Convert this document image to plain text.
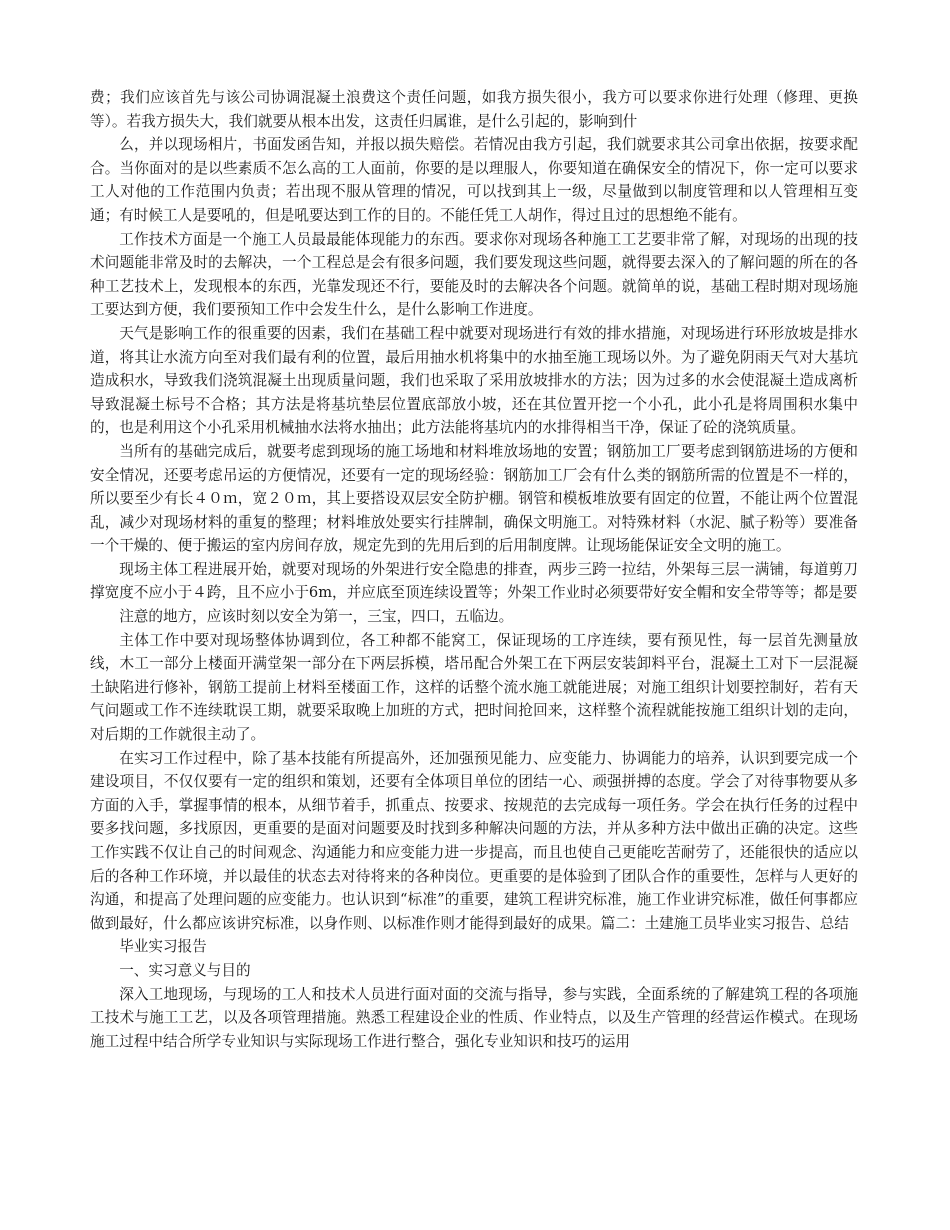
费；我们应该首先与该公司协调混凝土浪费这个责任问题，如我方损失很小，我方可以要求你进行处理（修理、更换等）。若我方损失大，我们就要从根本出发，这责任归属谁，是什么引起的，影响到什

么，并以现场相片，书面发函告知，并报以损失赔偿。若情况由我方引起，我们就要求其公司拿出依据，按要求配合。当你面对的是以些素质不怎么高的工人面前，你要的是以理服人，你要知道在确保安全的情况下，你一定可以要求工人对他的工作范围内负责；若出现不服从管理的情况，可以找到其上一级，尽量做到以制度管理和以人管理相互变通；有时候工人是要吼的，但是吼要达到工作的目的。不能任凭工人胡作，得过且过的思想绝不能有。

工作技术方面是一个施工人员最最能体现能力的东西。要求你对现场各种施工工艺要非常了解，对现场的出现的技术问题能非常及时的去解决，一个工程总是会有很多问题，我们要发现这些问题，就得要去深入的了解问题的所在的各种工艺技术上，发现根本的东西，光靠发现还不行，要能及时的去解决各个问题。就简单的说，基础工程时期对现场施工要达到方便，我们要预知工作中会发生什么，是什么影响工作进度。

天气是影响工作的很重要的因素，我们在基础工程中就要对现场进行有效的排水措施，对现场进行环形放坡是排水道，将其让水流方向至对我们最有利的位置，最后用抽水机将集中的水抽至施工现场以外。为了避免阴雨天气对大基坑造成积水，导致我们浇筑混凝土出现质量问题，我们也采取了采用放坡排水的方法；因为过多的水会使混凝土造成离析导致混凝土标号不合格；其方法是将基坑垫层位置底部放小坡，还在其位置开挖一个小孔，此小孔是将周围积水集中的，也是利用这个小孔采用机械抽水法将水抽出；此方法能将基坑内的水排得相当干净，保证了砼的浇筑质量。

当所有的基础完成后，就要考虑到现场的施工场地和材料堆放场地的安置；钢筋加工厂要考虑到钢筋进场的方便和安全情况，还要考虑吊运的方便情况，还要有一定的现场经验：钢筋加工厂会有什么类的钢筋所需的位置是不一样的，所以要至少有长４０ｍ，宽２０ｍ，其上要搭设双层安全防护棚。钢管和模板堆放要有固定的位置，不能让两个位置混乱，减少对现场材料的重复的整理；材料堆放处要实行挂牌制，确保文明施工。对特殊材料（水泥、腻子粉等）要准备一个干燥的、便于搬运的室内房间存放，规定先到的先用后到的后用制度牌。让现场能保证安全文明的施工。

现场主体工程进展开始，就要对现场的外架进行安全隐患的排查，两步三跨一拉结，外架每三层一满铺，每道剪刀撑宽度不应小于４跨，且不应小于6m，并应底至顶连续设置等；外架工作业时必须要带好安全帽和安全带等等；都是要

注意的地方，应该时刻以安全为第一，三宝，四口，五临边。

主体工作中要对现场整体协调到位，各工种都不能窝工，保证现场的工序连续，要有预见性，每一层首先测量放线，木工一部分上楼面开满堂架一部分在下两层拆模，塔吊配合外架工在下两层安装卸料平台，混凝土工对下一层混凝土缺陷进行修补，钢筋工提前上材料至楼面工作，这样的话整个流水施工就能进展；对施工组织计划要控制好，若有天气问题或工作不连续耽误工期，就要采取晚上加班的方式，把时间抢回来，这样整个流程就能按施工组织计划的走向，对后期的工作就很主动了。

在实习工作过程中，除了基本技能有所提高外，还加强预见能力、应变能力、协调能力的培养，认识到要完成一个建设项目，不仅仅要有一定的组织和策划，还要有全体项目单位的团结一心、顽强拼搏的态度。学会了对待事物要从多方面的入手，掌握事情的根本，从细节着手，抓重点、按要求、按规范的去完成每一项任务。学会在执行任务的过程中要多找问题，多找原因，更重要的是面对问题要及时找到多种解决问题的方法，并从多种方法中做出正确的决定。这些工作实践不仅让自己的时间观念、沟通能力和应变能力进一步提高，而且也使自己更能吃苦耐劳了，还能很快的适应以后的各种工作环境，并以最佳的状态去对待将来的各种岗位。更重要的是体验到了团队合作的重要性，怎样与人更好的沟通，和提高了处理问题的应变能力。也认识到“标准”的重要，建筑工程讲究标准，施工作业讲究标准，做任何事都应做到最好，什么都应该讲究标准，以身作则、以标准作则才能得到最好的成果。篇二：土建施工员毕业实习报告、总结

毕业实习报告

一、实习意义与目的

深入工地现场，与现场的工人和技术人员进行面对面的交流与指导，参与实践，全面系统的了解建筑工程的各项施工技术与施工工艺，以及各项管理措施。熟悉工程建设企业的性质、作业特点，以及生产管理的经营运作模式。在现场施工过程中结合所学专业知识与实际现场工作进行整合，强化专业知识和技巧的运用
